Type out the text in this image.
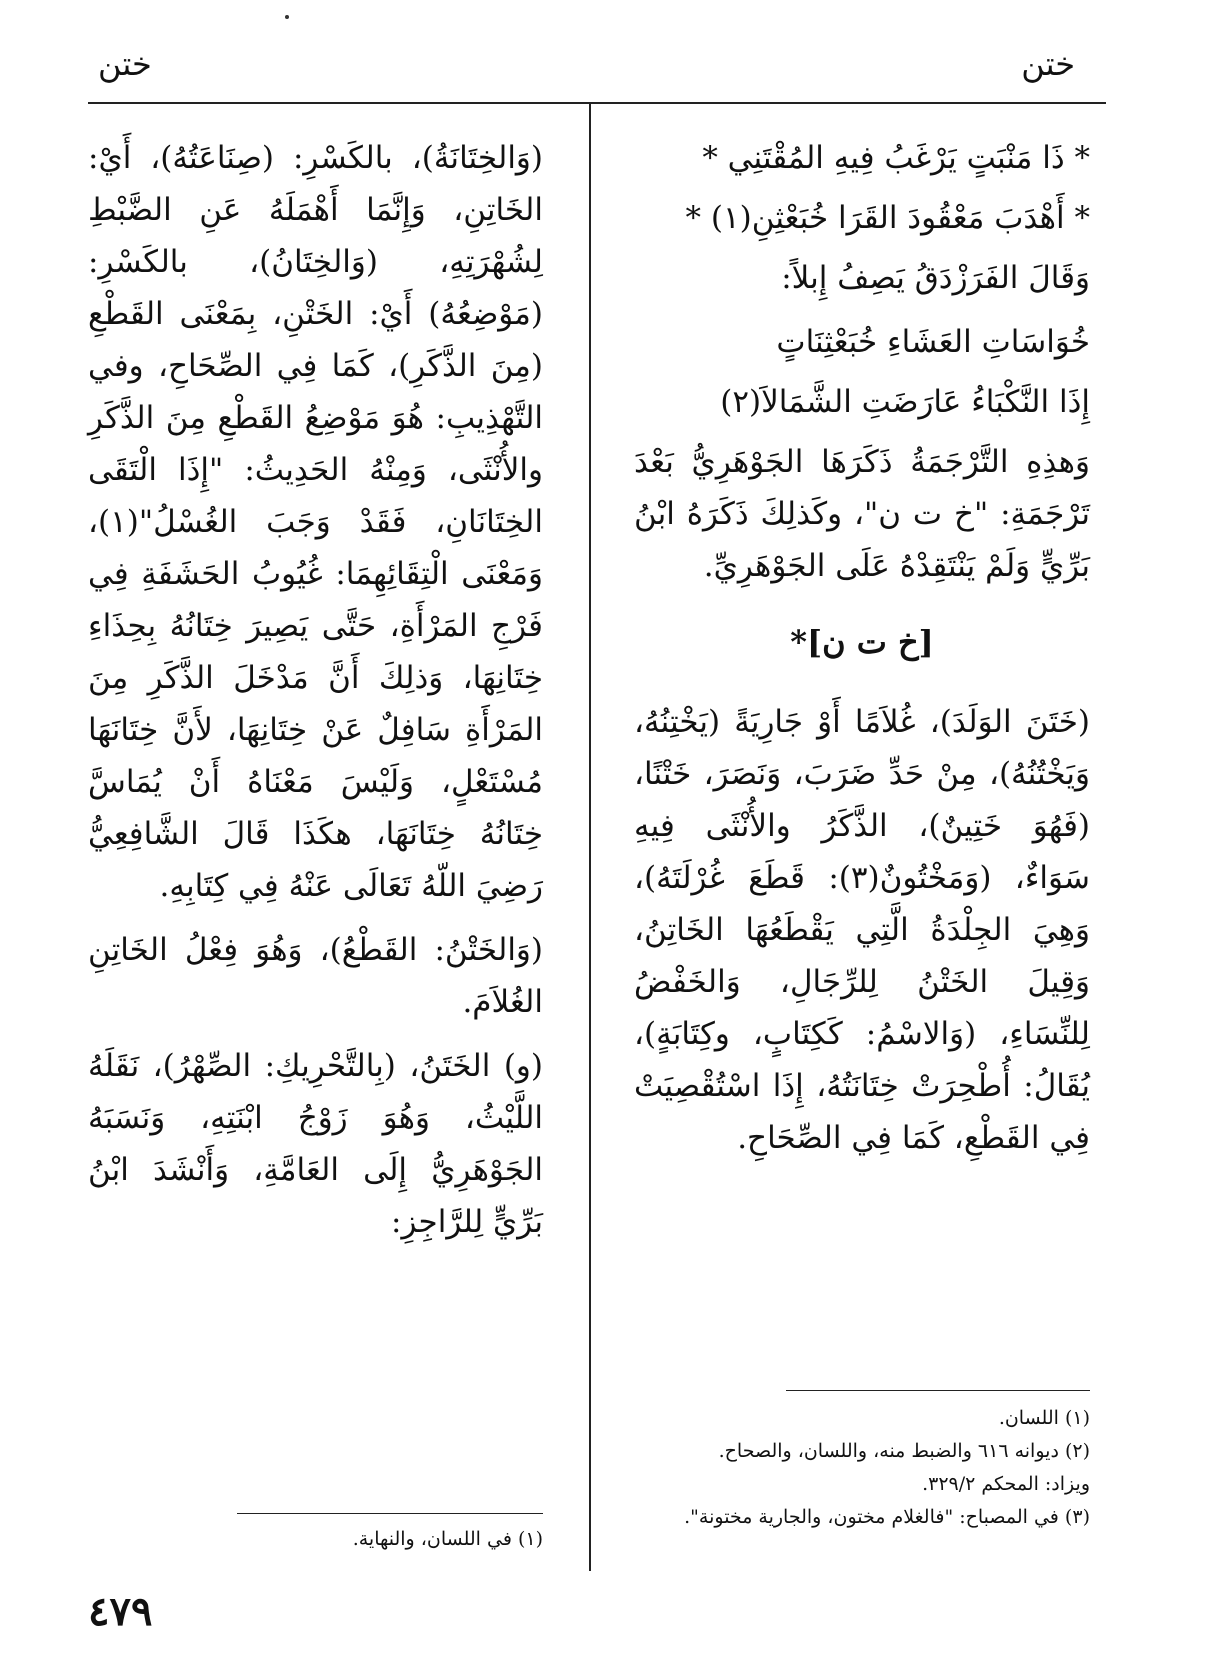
ختن
ختن
* ذَا مَنْبَتٍ يَرْغَبُ فِيهِ المُقْتَنِي *
* أَهْدَبَ مَعْقُودَ القَرَا خُبَعْثِنِ(١) *

وَقَالَ الفَرَزْدَقُ يَصِفُ إِبلاً:

خُوَاسَاتِ العَشَاءِ خُبَعْثِنَاتٍ
إِذَا النَّكْبَاءُ عَارَضَتِ الشَّمَالاَ(٢)

وَهذِهِ التَّرْجَمَةُ ذَكَرَهَا الجَوْهَرِيُّ بَعْدَ تَرْجَمَةِ: "خ ت ن"، وكَذلِكَ ذَكَرَهُ ابْنُ بَرِّيٍّ وَلَمْ يَنْتَقِدْهُ عَلَى الجَوْهَرِيِّ.

[خ ت ن]*

(خَتَنَ الوَلَدَ)، غُلاَمًا أَوْ جَارِيَةً (يَخْتِنُهُ، وَيَخْتُنُهُ)، مِنْ حَدِّ ضَرَبَ، وَنَصَرَ، خَتْنًا، (فَهُوَ خَتِينٌ)، الذَّكَرُ والأُنْثَى فِيهِ سَوَاءٌ، (وَمَخْتُونٌ(٣): قَطَعَ غُرْلَتَهُ)، وَهِيَ الجِلْدَةُ الَّتِي يَقْطَعُهَا الخَاتِنُ، وَقِيلَ الخَتْنُ لِلرِّجَالِ، وَالخَفْضُ لِلنِّسَاءِ، (وَالاسْمُ: كَكِتَابٍ، وكِتَابَةٍ)، يُقَالُ: أُطْحِرَتْ خِتَانَتُهُ، إِذَا اسْتُقْصِيَتْ فِي القَطْعِ، كَمَا فِي الصِّحَاحِ.

(وَالخِتَانَةُ)، بالكَسْرِ: (صِنَاعَتُهُ)، أَيْ: الخَاتِنِ، وَإِنَّمَا أَهْمَلَهُ عَنِ الضَّبْطِ لِشُهْرَتِهِ، (وَالخِتَانُ)، بالكَسْرِ: (مَوْضِعُهُ) أَيْ: الخَتْنِ، بِمَعْنَى القَطْعِ (مِنَ الذَّكَرِ)، كَمَا فِي الصِّحَاحِ، وفي التَّهْذِيبِ: هُوَ مَوْضِعُ القَطْعِ مِنَ الذَّكَرِ والأُنْثَى، وَمِنْهُ الحَدِيثُ: "إِذَا الْتَقَى الخِتَانَانِ، فَقَدْ وَجَبَ الغُسْلُ"(١)، وَمَعْنَى الْتِقَائِهِمَا: غُيُوبُ الحَشَفَةِ فِي فَرْجِ المَرْأَةِ، حَتَّى يَصِيرَ خِتَانُهُ بِحِذَاءِ خِتَانِهَا، وَذلِكَ أَنَّ مَدْخَلَ الذَّكَرِ مِنَ المَرْأَةِ سَافِلٌ عَنْ خِتَانِهَا، لأَنَّ خِتَانَهَا مُسْتَعْلٍ، وَلَيْسَ مَعْنَاهُ أَنْ يُمَاسَّ خِتَانُهُ خِتَانَهَا، هكَذَا قَالَ الشَّافِعِيُّ رَضِيَ اللّهُ تَعَالَى عَنْهُ فِي كِتَابِهِ.

(وَالخَتْنُ: القَطْعُ)، وَهُوَ فِعْلُ الخَاتِنِ الغُلاَمَ.

(و) الخَتَنُ، (بِالتَّحْرِيكِ: الصِّهْرُ)، نَقَلَهُ اللَّيْثُ، وَهُوَ زَوْجُ ابْنَتِهِ، وَنَسَبَهُ الجَوْهَرِيُّ إِلَى العَامَّةِ، وَأَنْشَدَ ابْنُ بَرِّيٍّ لِلرَّاجِزِ:

(١) اللسان.
(٢) ديوانه ٦١٦ والضبط منه، واللسان، والصحاح.
ويزاد: المحكم ٣٢٩/٢.
(٣) في المصباح: "فالغلام مختون، والجارية مختونة".
(١) في اللسان، والنهاية.
٤٧٩
